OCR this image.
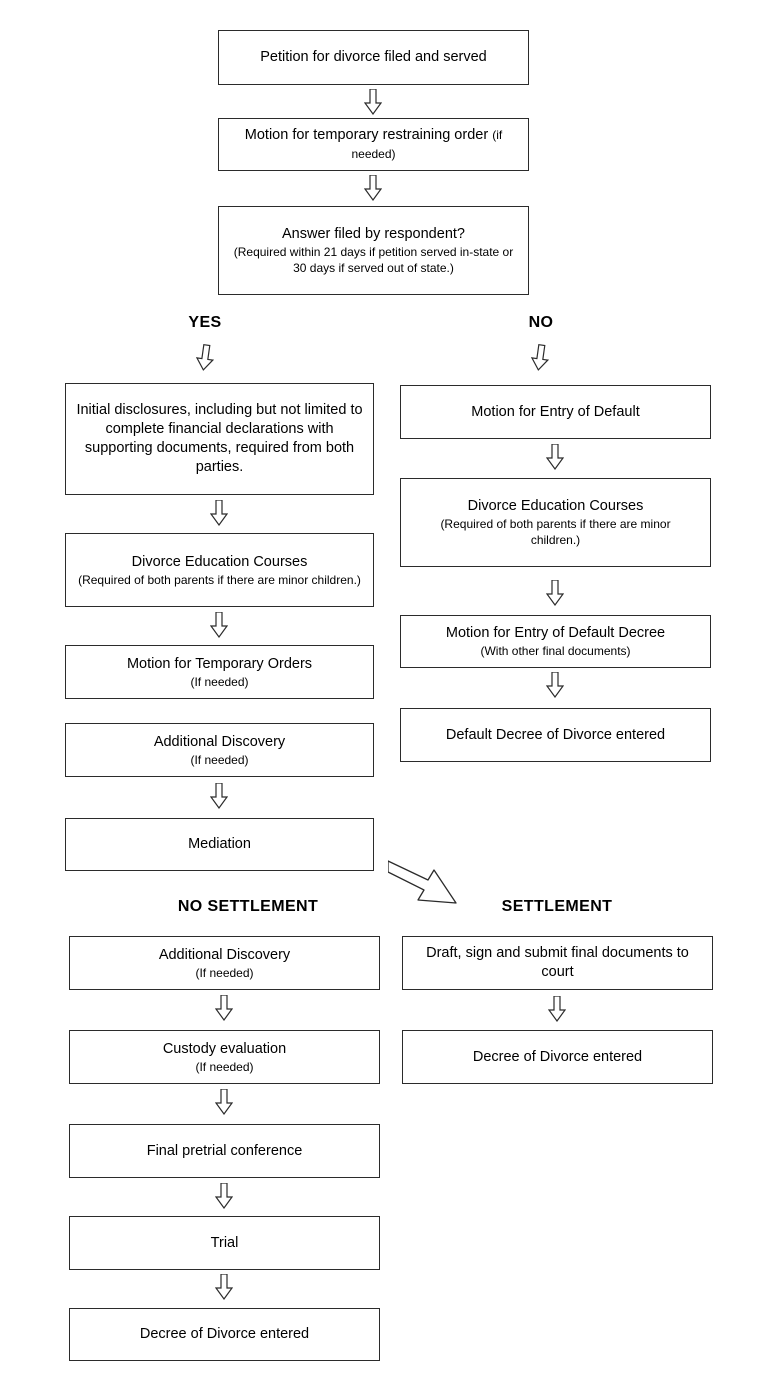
Petition for divorce filed and served
Motion for temporary restraining order (if needed)
Answer filed by respondent?
(Required within 21 days if petition served in-state or 30 days if served out of state.)
YES	NO
Initial disclosures, including but not limited to complete financial declarations with supporting documents, required from both parties.
Divorce Education Courses
(Required of both parents if there are minor children.)
Motion for Temporary Orders
(If needed)
Additional Discovery
(If needed)
Mediation
Motion for Entry of Default
Divorce Education Courses
(Required of both parents if there are minor children.)
Motion for Entry of Default Decree
(With other final documents)
Default Decree of Divorce entered
NO SETTLEMENT	SETTLEMENT
Additional Discovery
(If needed)
Custody evaluation
(If needed)
Final pretrial conference
Trial
Decree of Divorce entered
Draft, sign and submit final documents to court
Decree of Divorce entered
